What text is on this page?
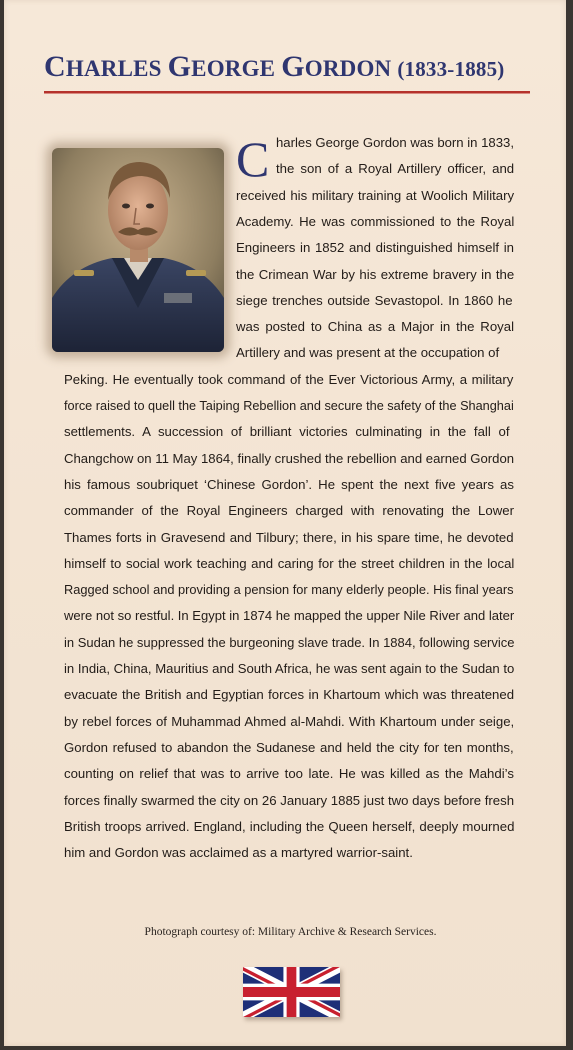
CHARLES GEORGE GORDON (1833-1885)
C harles George Gordon was born in 1833,
the son of a Royal Artillery officer, and
received his military training at Woolich Military
Academy. He was commissioned to the Royal
Engineers in 1852 and distinguished himself in
the Crimean War by his extreme bravery in the
siege trenches outside Sevastopol. In 1860 he
was posted to China as a Major in the Royal
Artillery and was present at the occupation of
Peking. He eventually took command of the Ever Victorious Army, a military
force raised to quell the Taiping Rebellion and secure the safety of the Shanghai
settlements. A succession of brilliant victories culminating in the fall of
Changchow on 11 May 1864, finally crushed the rebellion and earned Gordon
his famous soubriquet ‘Chinese Gordon’. He spent the next five years as
commander of the Royal Engineers charged with renovating the Lower
Thames forts in Gravesend and Tilbury; there, in his spare time, he devoted
himself to social work teaching and caring for the street children in the local
Ragged school and providing a pension for many elderly people. His final years
were not so restful. In Egypt in 1874 he mapped the upper Nile River and later
in Sudan he suppressed the burgeoning slave trade. In 1884, following service
in India, China, Mauritius and South Africa, he was sent again to the Sudan to
evacuate the British and Egyptian forces in Khartoum which was threatened
by rebel forces of Muhammad Ahmed al-Mahdi. With Khartoum under seige,
Gordon refused to abandon the Sudanese and held the city for ten months,
counting on relief that was to arrive too late. He was killed as the Mahdi’s
forces finally swarmed the city on 26 January 1885 just two days before fresh
British troops arrived. England, including the Queen herself, deeply mourned
him and Gordon was acclaimed as a martyred warrior-saint.
Photograph courtesy of: Military Archive & Research Services.
